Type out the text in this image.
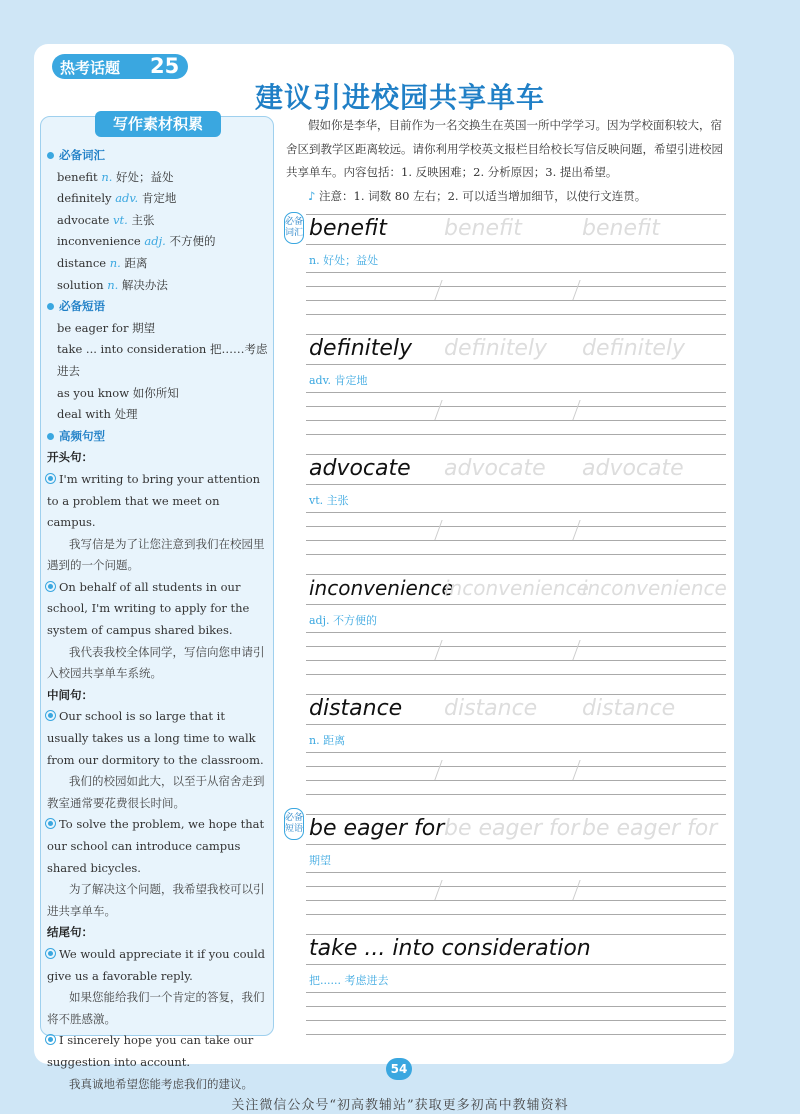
热考话题 25
建议引进校园共享单车
写作素材积累
必备词汇
benefit n. 好处；益处
definitely adv. 肯定地
advocate vt. 主张
inconvenience adj. 不方便的
distance n. 距离
solution n. 解决办法
必备短语
be eager for 期望
take ... into consideration 把……考虑进去
as you know 如你所知
deal with 处理
高频句型
开头句：
I'm writing to bring your attention to a problem that we meet on campus.
我写信是为了让您注意到我们在校园里遇到的一个问题。
On behalf of all students in our school, I'm writing to apply for the system of campus shared bikes.
我代表我校全体同学，写信向您申请引入校园共享单车系统。
中间句：
Our school is so large that it usually takes us a long time to walk from our dormitory to the classroom.
我们的校园如此大，以至于从宿舍走到教室通常要花费很长时间。
To solve the problem, we hope that our school can introduce campus shared bicycles.
为了解决这个问题，我希望我校可以引进共享单车。
结尾句：
We would appreciate it if you could give us a favorable reply.
如果您能给我们一个肯定的答复，我们将不胜感激。
I sincerely hope you can take our suggestion into account.
我真诚地希望您能考虑我们的建议。

假如你是李华，目前作为一名交换生在英国一所中学学习。因为学校面积较大，宿舍区到教学区距离较远。请你利用学校英文报栏目给校长写信反映问题，希望引进校园共享单车。内容包括：1. 反映困难；2. 分析原因；3. 提出希望。

♪ 注意：1. 词数 80 左右；2. 可以适当增加细节，以使行文连贯。

必备词汇
必备短语
benefit	benefit	benefit
n. 好处；益处
definitely definitely definitely
adv. 肯定地
advocate advocate advocate
vt. 主张
inconvenience
inconvenience
inconvenience
adj. 不方便的
distance distance distance
n. 距离
be eager for be eager for be eager for
期望
take ... into consideration
把...... 考虑进去
54
关注微信公众号“初高教辅站”获取更多初高中教辅资料
